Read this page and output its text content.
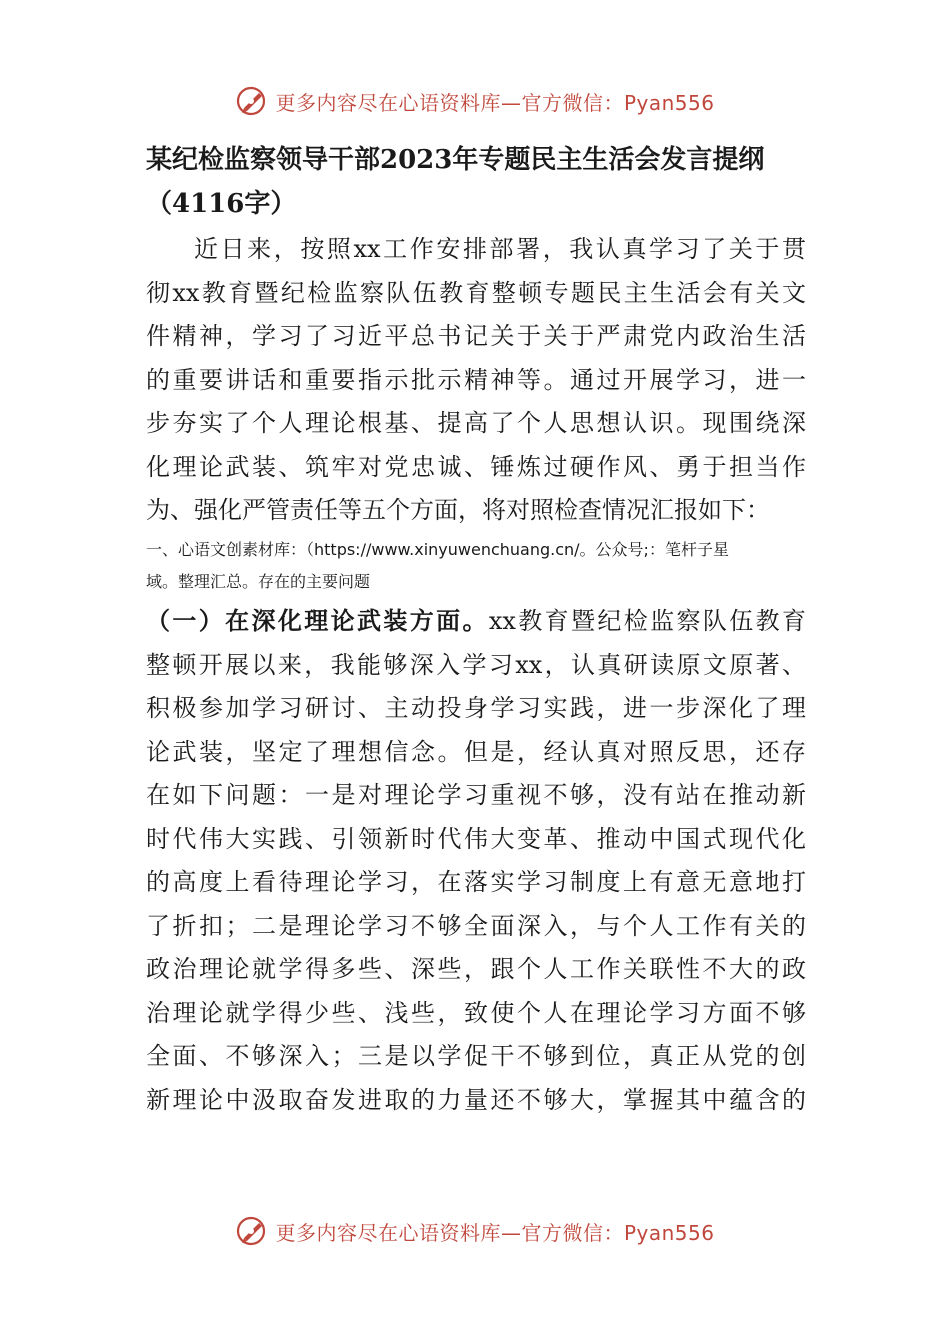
更多内容尽在心语资料库—官方微信：Pyan556
某纪检监察领导干部2023年专题民主生活会发言提纲
（4116字）
近日来，按照xx工作安排部署，我认真学习了关于贯
彻xx教育暨纪检监察队伍教育整顿专题民主生活会有关文
件精神，学习了习近平总书记关于关于严肃党内政治生活
的重要讲话和重要指示批示精神等。通过开展学习，进一
步夯实了个人理论根基、提高了个人思想认识。现围绕深
化理论武装、筑牢对党忠诚、锤炼过硬作风、勇于担当作
为、强化严管责任等五个方面，将对照检查情况汇报如下：
一、心语文创素材库：（https://www.xinyuwenchuang.cn/。公众号;：笔杆子星
域。整理汇总。存在的主要问题
（一）在深化理论武装方面。xx教育暨纪检监察队伍教育
整顿开展以来，我能够深入学习xx，认真研读原文原著、
积极参加学习研讨、主动投身学习实践，进一步深化了理
论武装，坚定了理想信念。但是，经认真对照反思，还存
在如下问题：一是对理论学习重视不够，没有站在推动新
时代伟大实践、引领新时代伟大变革、推动中国式现代化
的高度上看待理论学习，在落实学习制度上有意无意地打
了折扣；二是理论学习不够全面深入，与个人工作有关的
政治理论就学得多些、深些，跟个人工作关联性不大的政
治理论就学得少些、浅些，致使个人在理论学习方面不够
全面、不够深入；三是以学促干不够到位，真正从党的创
新理论中汲取奋发进取的力量还不够大，掌握其中蕴含的
更多内容尽在心语资料库—官方微信：Pyan556
